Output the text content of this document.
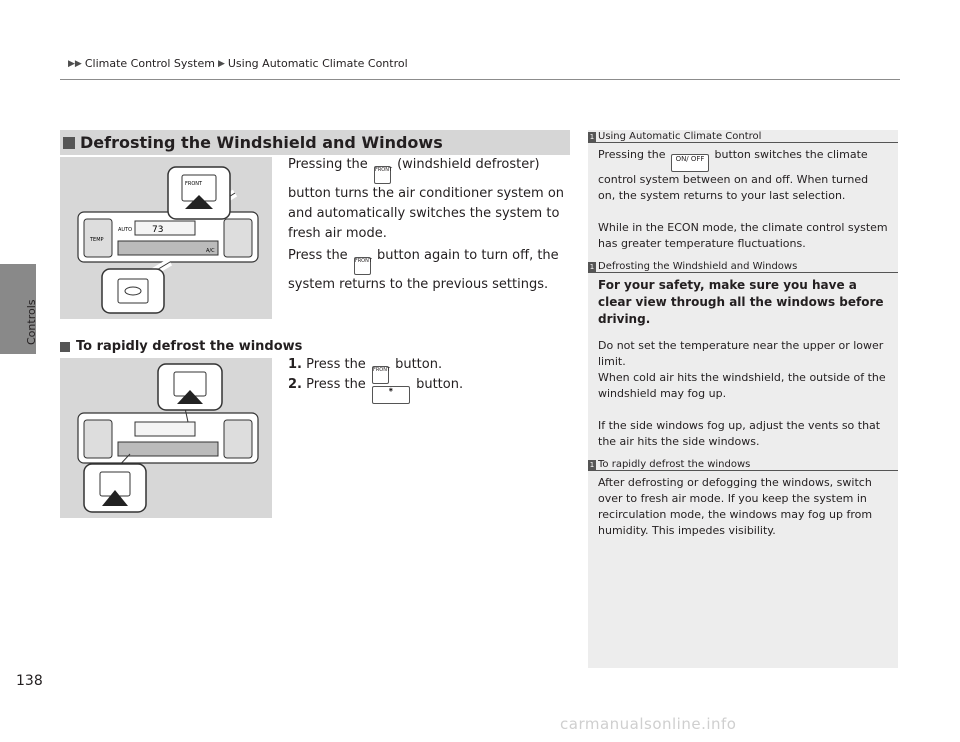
Controls
▶▶ Climate Control System ▶ Using Automatic Climate Control
Defrosting the Windshield and Windows
TEMP
AUTO 73
A/C
FRONT
Pressing the FRONT (windshield defroster) button turns the air conditioner system on and automatically switches the system to fresh air mode.
Press the FRONT button again to turn off, the system returns to the previous settings.
To rapidly defrost the windows
1. Press the FRONT button.
2. Press the	◉ button.
1 Using Automatic Climate Control
Pressing the ON/ OFF button switches the climate control system between on and off. When turned on, the system returns to your last selection.
While in the ECON mode, the climate control system has greater temperature fluctuations.
1 Defrosting the Windshield and Windows
For your safety, make sure you have a clear view through all the windows before driving.
Do not set the temperature near the upper or lower limit.
When cold air hits the windshield, the outside of the windshield may fog up.
If the side windows fog up, adjust the vents so that the air hits the side windows.
1 To rapidly defrost the windows
After defrosting or defogging the windows, switch over to fresh air mode. If you keep the system in recirculation mode, the windows may fog up from humidity. This impedes visibility.
138
carmanualsonline.info
